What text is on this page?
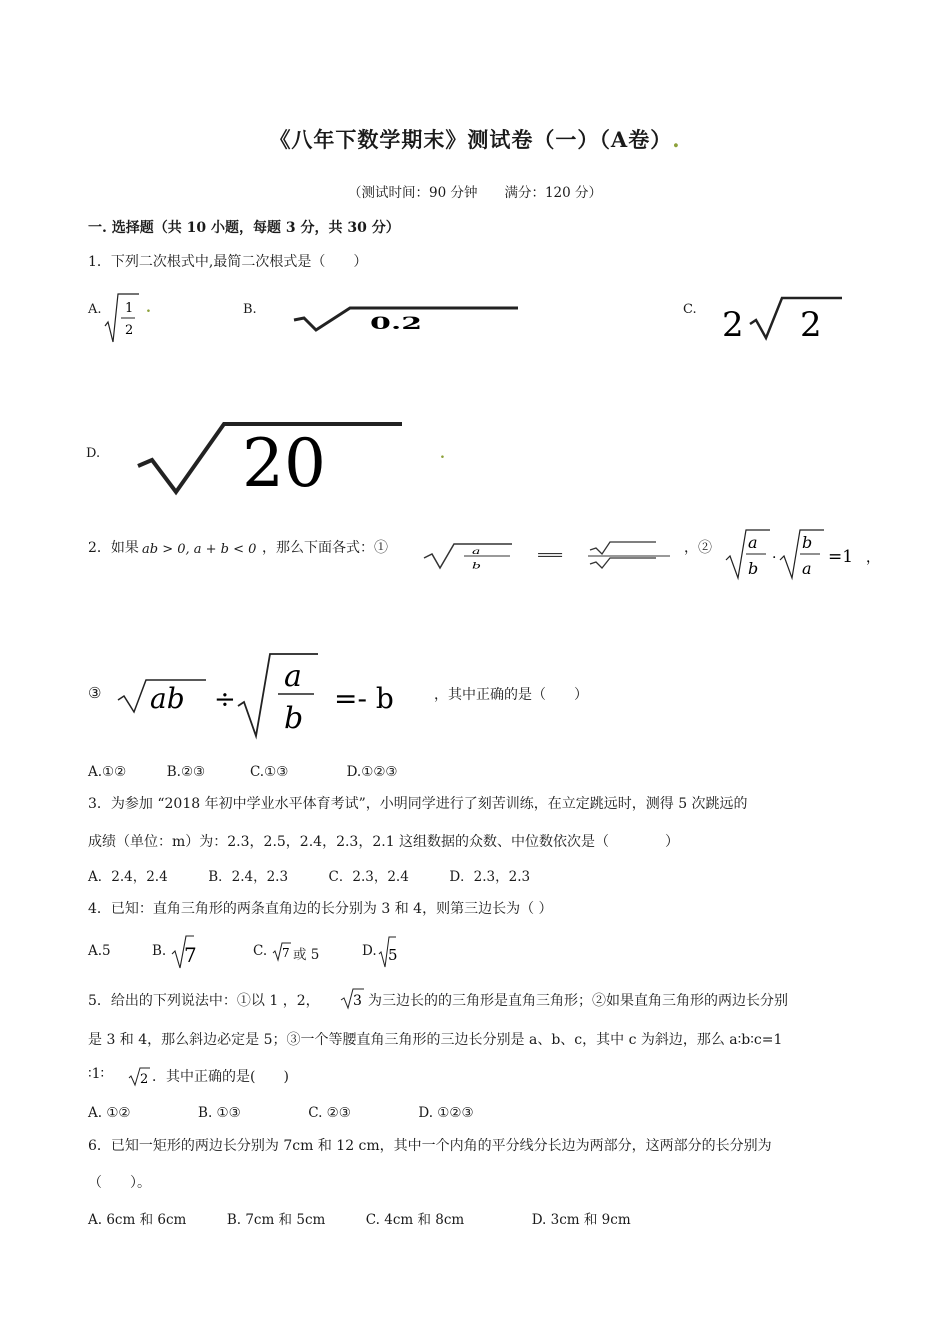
《八年下数学期末》测试卷（一）（A卷）.
（测试时间：90 分钟　　满分：120 分）
一. 选择题（共 10 小题，每题 3 分，共 30 分）
1．下列二次根式中,最简二次根式是（　　）
A. 1
2
.	B.
0.2
C. 2 2
D. 20	.
2．如果 ab > 0, a + b < 0 ，那么下面各式：①	a
b
=	，② a
b
·
b
a
=1 ，
③ ab ÷
a
b
=- b	，其中正确的是（　　）
A.①②　　　B.②③　　　 C.①③　　　　 D.①②③
3．为参加 “2018 年初中学业水平体育考试”，小明同学进行了刻苦训练，在立定跳远时，测得 5 次跳远的
成绩（单位：m）为：2.3，2.5，2.4，2.3，2.1 这组数据的众数、中位数依次是（　　　　）
A．2.4，2.4　　　B．2.4，2.3　　　C．2.3，2.4　　　D．2.3，2.3
4．已知：直角三角形的两条直角边的长分别为 3 和 4，则第三边长为（ ）
A.5	B. 7	C. 7 或 5	D. 5
5．给出的下列说法中：①以 1 ，2， 3 为三边长的的三角形是直角三角形；②如果直角三角形的两边长分别
是 3 和 4，那么斜边必定是 5；③一个等腰直角三角形的三边长分别是 a、b、c，其中 c 为斜边，那么 a∶b∶c=1
∶1∶	2 ．其中正确的是(　　)
A. ①②　　　　　B. ①③　　　　　C. ②③　　　　　D. ①②③
6．已知一矩形的两边长分别为 7cm 和 12 cm，其中一个内角的平分线分长边为两部分，这两部分的长分别为
（　　）。
A. 6cm 和 6cm　　　B. 7cm 和 5cm　　　C. 4cm 和 8cm　　　　　D. 3cm 和 9cm
